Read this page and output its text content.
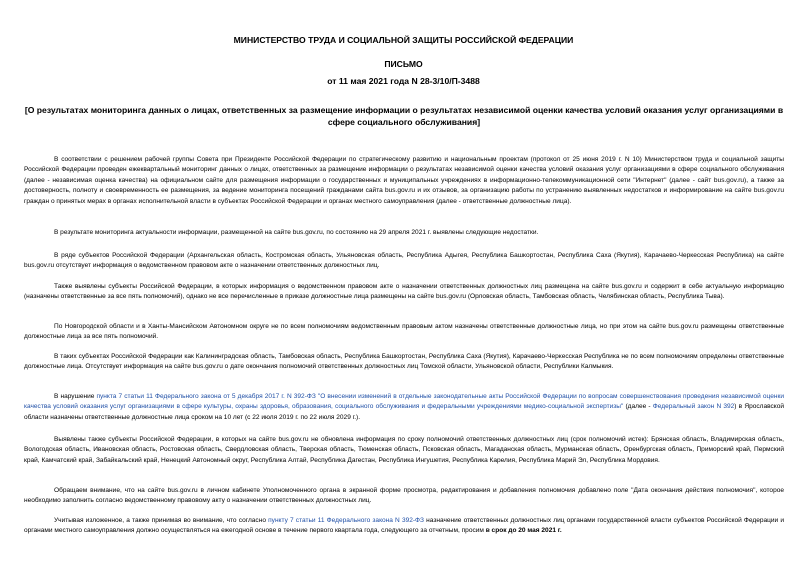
МИНИСТЕРСТВО ТРУДА И СОЦИАЛЬНОЙ ЗАЩИТЫ РОССИЙСКОЙ ФЕДЕРАЦИИ
ПИСЬМО
от 11 мая 2021 года N 28-3/10/П-3488
[О результатах мониторинга данных о лицах, ответственных за размещение информации о результатах независимой оценки качества условий оказания услуг организациями в сфере социального обслуживания]

В соответствии с решением рабочей группы Совета при Президенте Российской Федерации по стратегическому развитию и национальным проектам (протокол от 25 июня 2019 г. N 10) Министерством труда и социальной защиты Российской Федерации проведен ежеквартальный мониторинг данных о лицах, ответственных за размещение информации о результатах независимой оценки качества условий оказания услуг организациями в сфере социального обслуживания (далее - независимая оценка качества) на официальном сайте для размещения информации о государственных и муниципальных учреждениях в информационно-телекоммуникационной сети "Интернет" (далее - сайт bus.gov.ru), а также за достоверность, полноту и своевременность ее размещения, за ведение мониторинга посещений гражданами сайта bus.gov.ru и их отзывов, за организацию работы по устранению выявленных недостатков и информирование на сайте bus.gov.ru граждан о принятых мерах в органах исполнительной власти в субъектах Российской Федерации и органах местного самоуправления (далее - ответственные должностные лица).

В результате мониторинга актуальности информации, размещенной на сайте bus.gov.ru, по состоянию на 29 апреля 2021 г. выявлены следующие недостатки.

В ряде субъектов Российской Федерации (Архангельская область, Костромская область, Ульяновская область, Республика Адыгея, Республика Башкортостан, Республика Саха (Якутия), Карачаево-Черкесская Республика) на сайте bus.gov.ru отсутствует информация о ведомственном правовом акте о назначении ответственных должностных лиц.

Также выявлены субъекты Российской Федерации, в которых информация о ведомственном правовом акте о назначении ответственных должностных лиц размещена на сайте bus.gov.ru и содержит в себе актуальную информацию (назначены ответственные за все пять полномочий), однако не все перечисленные в приказе должностные лица размещены на сайте bus.gov.ru (Орловская область, Тамбовская область, Челябинская область, Республика Тыва).

По Новгородской области и в Ханты-Мансийском Автономном округе не по всем полномочиям ведомственным правовым актом назначены ответственные должностные лица, но при этом на сайте bus.gov.ru размещены ответственные должностные лица за все пять полномочий.

В таких субъектах Российской Федерации как Калининградская область, Тамбовская область, Республика Башкортостан, Республика Саха (Якутия), Карачаево-Черкесская Республика не по всем полномочиям определены ответственные должностные лица. Отсутствует информация на сайте bus.gov.ru о дате окончания полномочий ответственных должностных лиц Томской области, Ульяновской области, Республики Калмыкия.

В нарушение пункта 7 статьи 11 Федерального закона от 5 декабря 2017 г. N 392-ФЗ "О внесении изменений в отдельные законодательные акты Российской Федерации по вопросам совершенствования проведения независимой оценки качества условий оказания услуг организациями в сфере культуры, охраны здоровья, образования, социального обслуживания и федеральными учреждениями медико-социальной экспертизы" (далее - Федеральный закон N 392) в Ярославской области назначены ответственные должностные лица сроком на 10 лет (с 22 июля 2019 г. по 22 июля 2029 г.).

Выявлены также субъекты Российской Федерации, в которых на сайте bus.gov.ru не обновлена информация по сроку полномочий ответственных должностных лиц (срок полномочий истек): Брянская область, Владимирская область, Вологодская область, Ивановская область, Ростовская область, Свердловская область, Тверская область, Тюменская область, Псковская область, Магаданская область, Мурманская область, Оренбургская область, Приморский край, Пермский край, Камчатский край, Забайкальский край, Ненецкий Автономный округ, Республика Алтай, Республика Дагестан, Республика Ингушетия, Республика Карелия, Республика Марий Эл, Республика Мордовия.

Обращаем внимание, что на сайте bus.gov.ru в личном кабинете Уполномоченного органа в экранной форме просмотра, редактирования и добавления полномочия добавлено поле "Дата окончания действия полномочия", которое необходимо заполнить согласно ведомственному правовому акту о назначении ответственных должностных лиц.

Учитывая изложенное, а также принимая во внимание, что согласно пункту 7 статьи 11 Федерального закона N 392-ФЗ назначение ответственных должностных лиц органами государственной власти субъектов Российской Федерации и органами местного самоуправления должно осуществляться на ежегодной основе в течение первого квартала года, следующего за отчетным, просим в срок до 20 мая 2021 г.
